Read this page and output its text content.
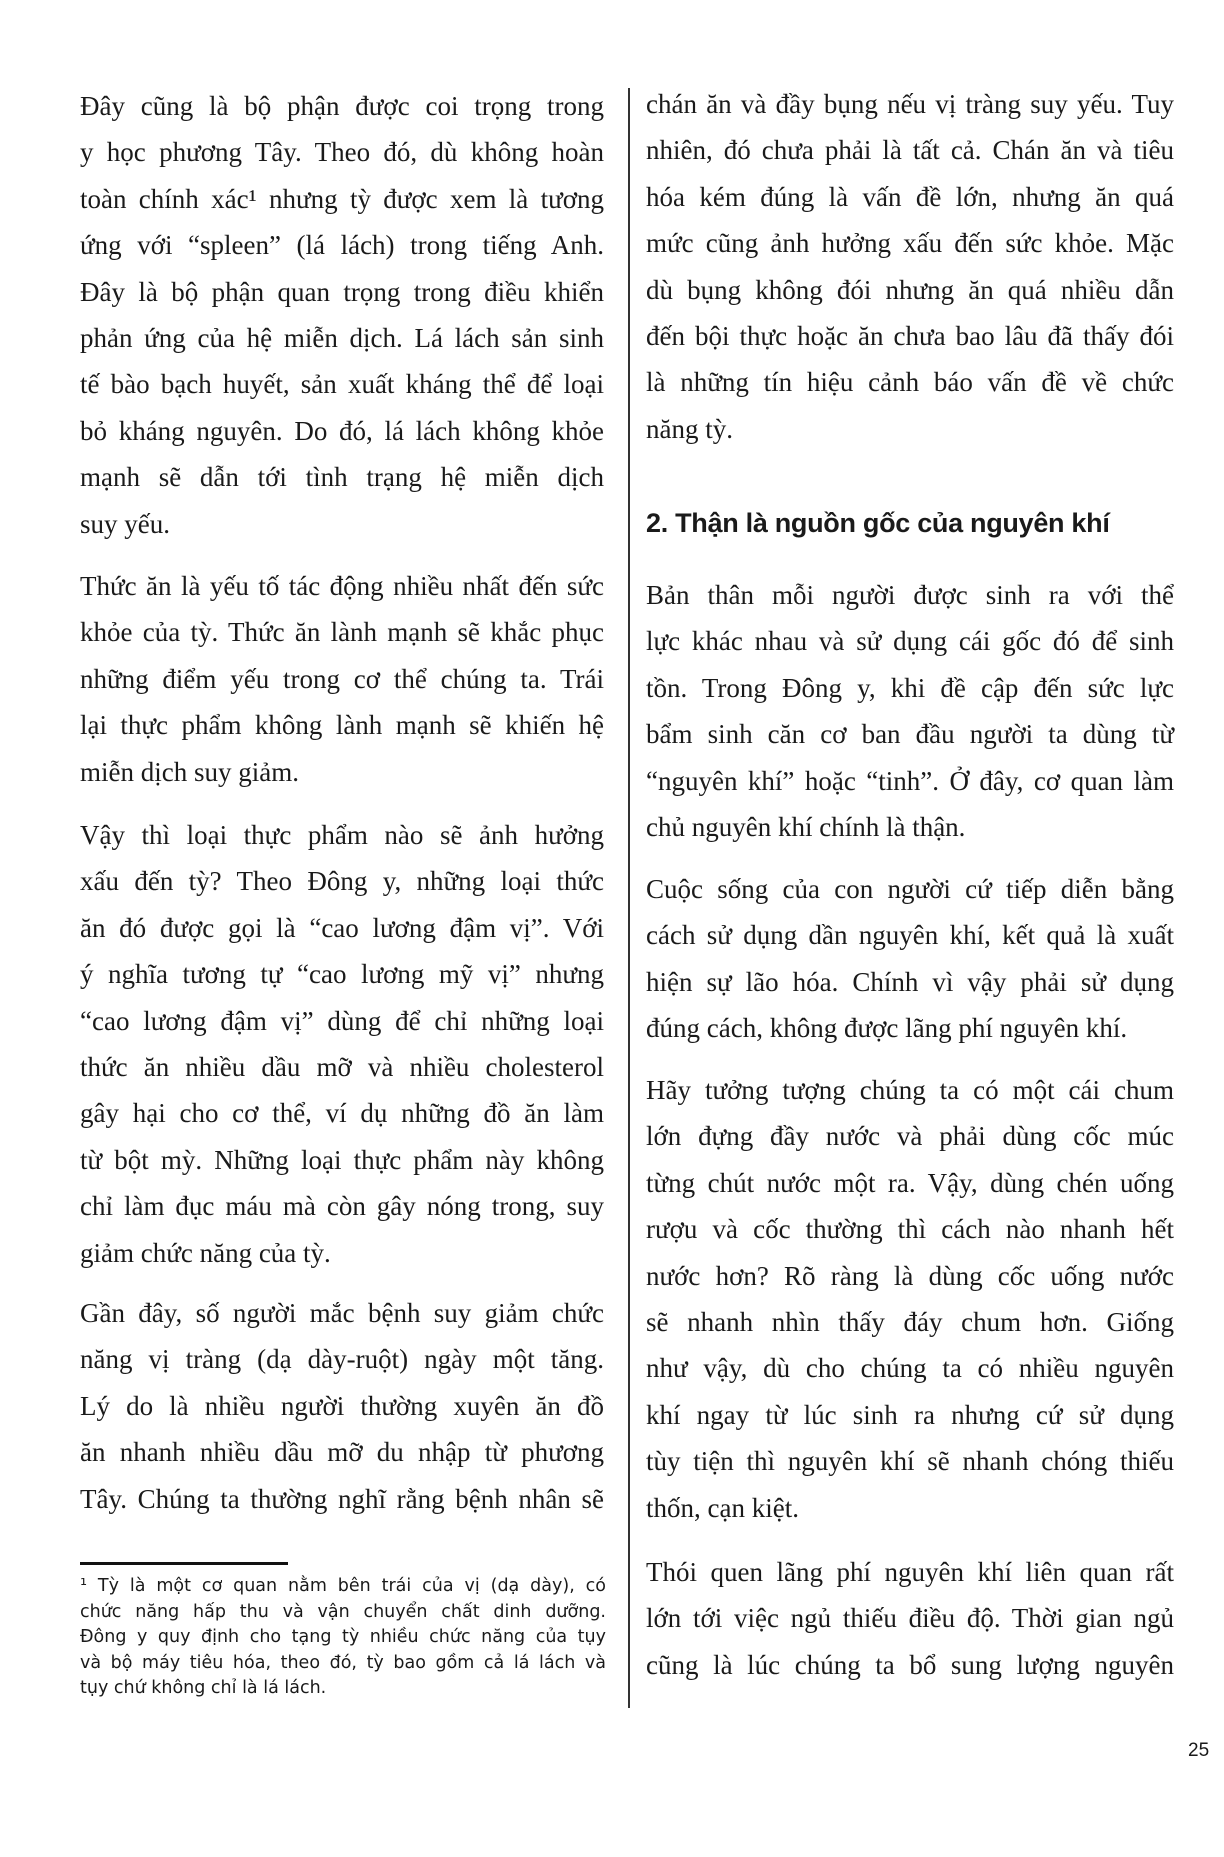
Đây cũng là bộ phận được coi trọng trong
y học phương Tây. Theo đó, dù không hoàn
toàn chính xác¹ nhưng tỳ được xem là tương
ứng với “spleen” (lá lách) trong tiếng Anh.
Đây là bộ phận quan trọng trong điều khiển
phản ứng của hệ miễn dịch. Lá lách sản sinh
tế bào bạch huyết, sản xuất kháng thể để loại
bỏ kháng nguyên. Do đó, lá lách không khỏe
mạnh sẽ dẫn tới tình trạng hệ miễn dịch
suy yếu.
Thức ăn là yếu tố tác động nhiều nhất đến sức
khỏe của tỳ. Thức ăn lành mạnh sẽ khắc phục
những điểm yếu trong cơ thể chúng ta. Trái
lại thực phẩm không lành mạnh sẽ khiến hệ
miễn dịch suy giảm.
Vậy thì loại thực phẩm nào sẽ ảnh hưởng
xấu đến tỳ? Theo Đông y, những loại thức
ăn đó được gọi là “cao lương đậm vị”. Với
ý nghĩa tương tự “cao lương mỹ vị” nhưng
“cao lương đậm vị” dùng để chỉ những loại
thức ăn nhiều dầu mỡ và nhiều cholesterol
gây hại cho cơ thể, ví dụ những đồ ăn làm
từ bột mỳ. Những loại thực phẩm này không
chỉ làm đục máu mà còn gây nóng trong, suy
giảm chức năng của tỳ.
Gần đây, số người mắc bệnh suy giảm chức
năng vị tràng (dạ dày-ruột) ngày một tăng.
Lý do là nhiều người thường xuyên ăn đồ
ăn nhanh nhiều dầu mỡ du nhập từ phương
Tây. Chúng ta thường nghĩ rằng bệnh nhân sẽ
¹ Tỳ là một cơ quan nằm bên trái của vị (dạ dày), có
chức năng hấp thu và vận chuyển chất dinh dưỡng.
Đông y quy định cho tạng tỳ nhiều chức năng của tụy
và bộ máy tiêu hóa, theo đó, tỳ bao gồm cả lá lách và
tụy chứ không chỉ là lá lách.
chán ăn và đầy bụng nếu vị tràng suy yếu. Tuy
nhiên, đó chưa phải là tất cả. Chán ăn và tiêu
hóa kém đúng là vấn đề lớn, nhưng ăn quá
mức cũng ảnh hưởng xấu đến sức khỏe. Mặc
dù bụng không đói nhưng ăn quá nhiều dẫn
đến bội thực hoặc ăn chưa bao lâu đã thấy đói
là những tín hiệu cảnh báo vấn đề về chức
năng tỳ.
2. Thận là nguồn gốc của nguyên khí
Bản thân mỗi người được sinh ra với thể
lực khác nhau và sử dụng cái gốc đó để sinh
tồn. Trong Đông y, khi đề cập đến sức lực
bẩm sinh căn cơ ban đầu người ta dùng từ
“nguyên khí” hoặc “tinh”. Ở đây, cơ quan làm
chủ nguyên khí chính là thận.
Cuộc sống của con người cứ tiếp diễn bằng
cách sử dụng dần nguyên khí, kết quả là xuất
hiện sự lão hóa. Chính vì vậy phải sử dụng
đúng cách, không được lãng phí nguyên khí.
Hãy tưởng tượng chúng ta có một cái chum
lớn đựng đầy nước và phải dùng cốc múc
từng chút nước một ra. Vậy, dùng chén uống
rượu và cốc thường thì cách nào nhanh hết
nước hơn? Rõ ràng là dùng cốc uống nước
sẽ nhanh nhìn thấy đáy chum hơn. Giống
như vậy, dù cho chúng ta có nhiều nguyên
khí ngay từ lúc sinh ra nhưng cứ sử dụng
tùy tiện thì nguyên khí sẽ nhanh chóng thiếu
thốn, cạn kiệt.
Thói quen lãng phí nguyên khí liên quan rất
lớn tới việc ngủ thiếu điều độ. Thời gian ngủ
cũng là lúc chúng ta bổ sung lượng nguyên
25
